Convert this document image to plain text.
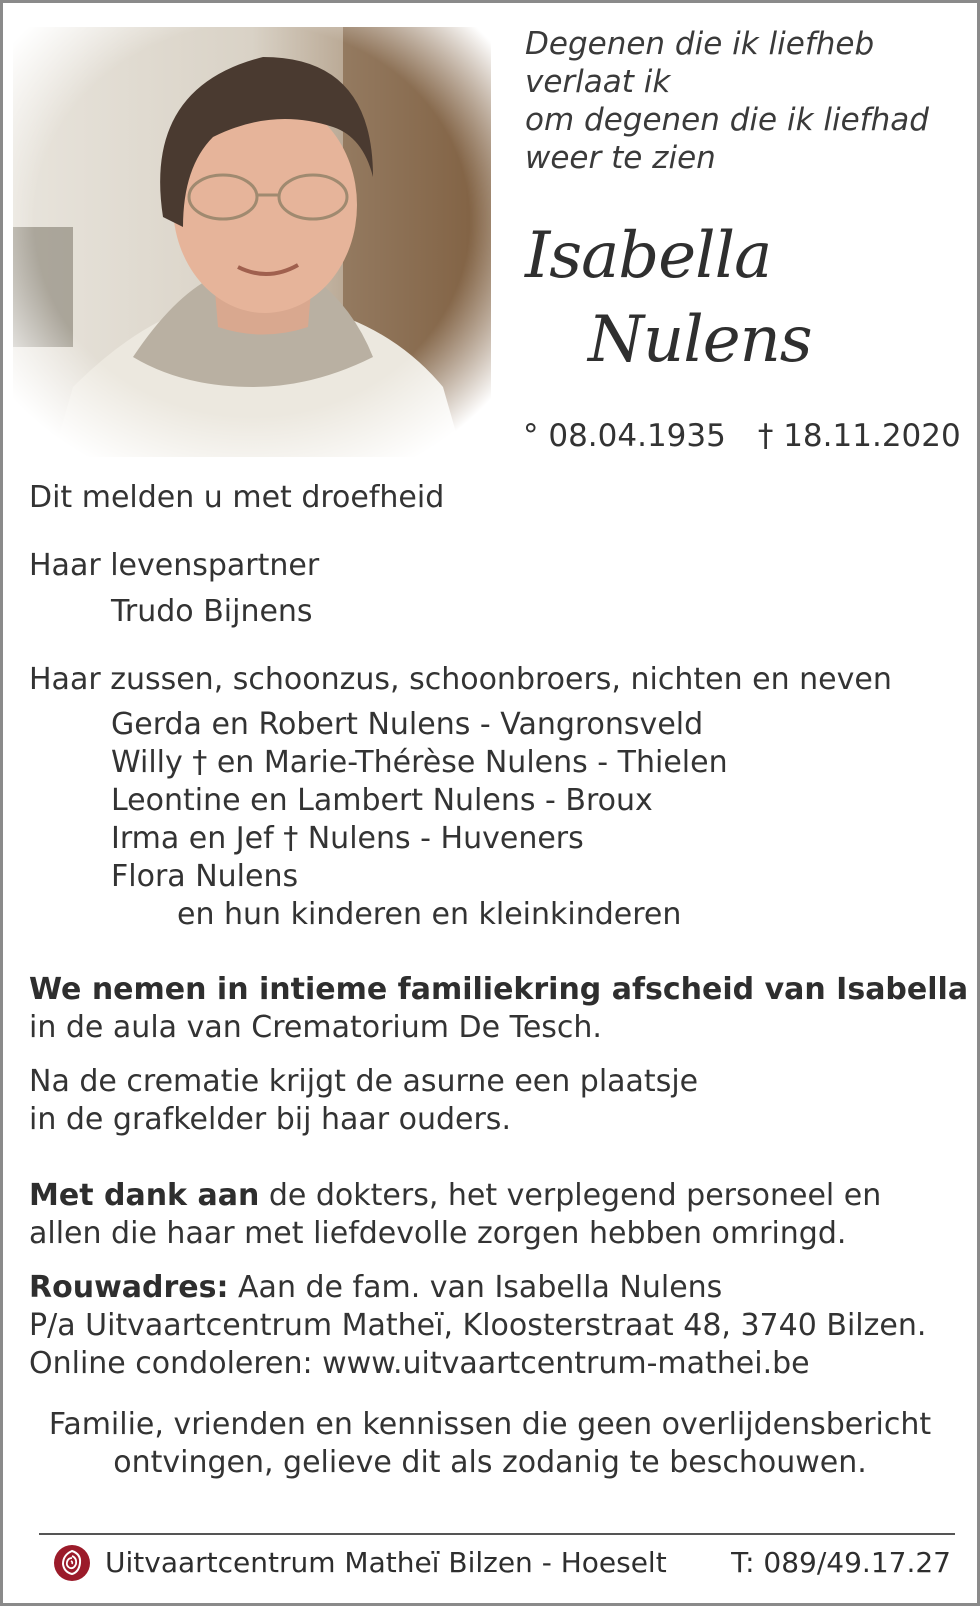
Degenen die ik liefheb
verlaat ik
om degenen die ik liefhad
weer te zien
Isabella
Nulens
° 08.04.1935 † 18.11.2020
Dit melden u met droefheid
Haar levenspartner
Trudo Bijnens
Haar zussen, schoonzus, schoonbroers, nichten en neven
Gerda en Robert Nulens - Vangronsveld
Willy † en Marie-Thérèse Nulens - Thielen
Leontine en Lambert Nulens - Broux
Irma en Jef † Nulens - Huveners
Flora Nulens
en hun kinderen en kleinkinderen
We nemen in intieme familiekring afscheid van Isabella
in de aula van Crematorium De Tesch.
Na de crematie krijgt de asurne een plaatsje
in de grafkelder bij haar ouders.
Met dank aan de dokters, het verplegend personeel en
allen die haar met liefdevolle zorgen hebben omringd.
Rouwadres: Aan de fam. van Isabella Nulens
P/a Uitvaartcentrum Matheï, Kloosterstraat 48, 3740 Bilzen.
Online condoleren: www.uitvaartcentrum-mathei.be
Familie, vrienden en kennissen die geen overlijdensbericht
ontvingen, gelieve dit als zodanig te beschouwen.
Uitvaartcentrum Matheï Bilzen - Hoeselt T: 089/49.17.27
